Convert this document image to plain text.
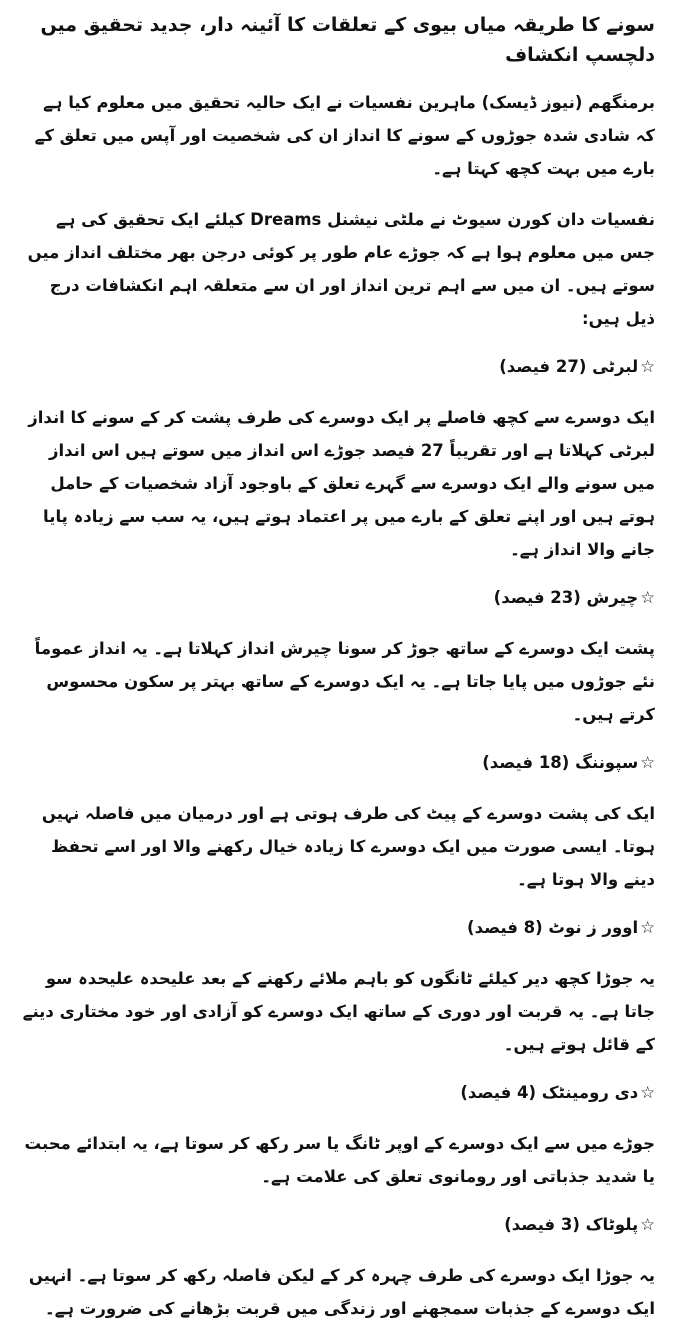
سونے کا طریقہ میاں بیوی کے تعلقات کا آئینہ دار، جدید تحقیق میں دلچسپ انکشاف
برمنگھم (نیوز ڈیسک) ماہرین نفسیات نے ایک حالیہ تحقیق میں معلوم کیا ہے کہ شادی شدہ جوڑوں کے سونے کا انداز ان کی شخصیت اور آپس میں تعلق کے بارے میں بہت کچھ کہتا ہے۔
نفسیات دان کورن سیوٹ نے ملٹی نیشنل Dreams کیلئے ایک تحقیق کی ہے جس میں معلوم ہوا ہے کہ جوڑے عام طور پر کوئی درجن بھر مختلف انداز میں سوتے ہیں۔ ان میں سے اہم ترین انداز اور ان سے متعلقہ اہم انکشافات درج ذیل ہیں:
☆لبرٹی (27 فیصد)
ایک دوسرے سے کچھ فاصلے پر ایک دوسرے کی طرف پشت کر کے سونے کا انداز لبرٹی کہلاتا ہے اور تقریباً 27 فیصد جوڑے اس انداز میں سوتے ہیں اس انداز میں سونے والے ایک دوسرے سے گہرے تعلق کے باوجود آزاد شخصیات کے حامل ہوتے ہیں اور اپنے تعلق کے بارے میں پر اعتماد ہوتے ہیں، یہ سب سے زیادہ پایا جانے والا انداز ہے۔
☆چیرش (23 فیصد)
پشت ایک دوسرے کے ساتھ جوڑ کر سونا چیرش انداز کہلاتا ہے۔ یہ انداز عموماً نئے جوڑوں میں پایا جاتا ہے۔ یہ ایک دوسرے کے ساتھ بہتر پر سکون محسوس کرتے ہیں۔
☆سپوننگ (18 فیصد)
ایک کی پشت دوسرے کے پیٹ کی طرف ہوتی ہے اور درمیان میں فاصلہ نہیں ہوتا۔ ایسی صورت میں ایک دوسرے کا زیادہ خیال رکھنے والا اور اسے تحفظ دینے والا ہوتا ہے۔
☆اوور ز نوٹ (8 فیصد)
یہ جوڑا کچھ دیر کیلئے ٹانگوں کو باہم ملائے رکھنے کے بعد علیحدہ علیحدہ سو جاتا ہے۔ یہ قربت اور دوری کے ساتھ ایک دوسرے کو آزادی اور خود مختاری دینے کے قائل ہوتے ہیں۔
☆دی رومینٹک (4 فیصد)
جوڑے میں سے ایک دوسرے کے اوپر ٹانگ یا سر رکھ کر سوتا ہے، یہ ابتدائے محبت یا شدید جذباتی اور رومانوی تعلق کی علامت ہے۔
☆پلوٹاک (3 فیصد)
یہ جوڑا ایک دوسرے کی طرف چہرہ کر کے لیکن فاصلہ رکھ کر سوتا ہے۔ انہیں ایک دوسرے کے جذبات سمجھنے اور زندگی میں قربت بڑھانے کی ضرورت ہے۔
